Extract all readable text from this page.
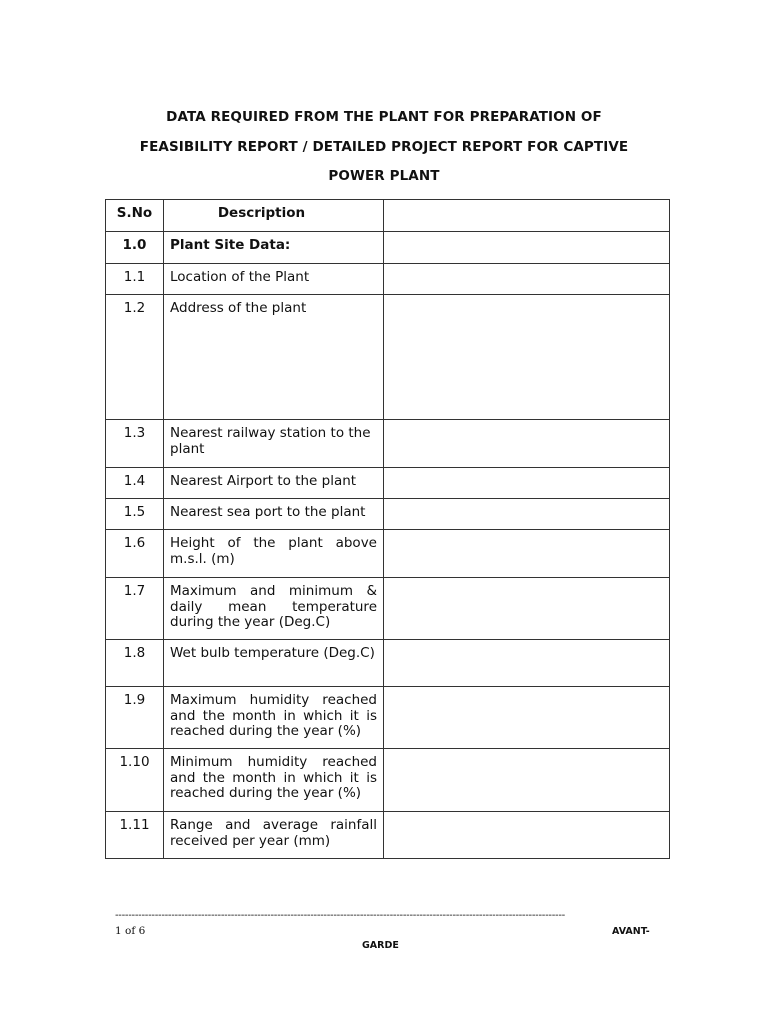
DATA REQUIRED FROM THE PLANT FOR PREPARATION OF
FEASIBILITY REPORT / DETAILED PROJECT REPORT FOR CAPTIVE
POWER PLANT
S.No	Description	
1.0	Plant Site Data:	
1.1	Location of the Plant	
1.2	Address of the plant	
1.3	Nearest railway station to the plant	
1.4	Nearest Airport to the plant	
1.5	Nearest sea port to the plant	
1.6	Height of the plant above m.s.l. (m)	
1.7	Maximum and minimum & daily mean temperature during the year (Deg.C)	
1.8	Wet bulb temperature (Deg.C)	
1.9	Maximum humidity reached and the month in which it is reached during the year (%)	
1.10	Minimum humidity reached and the month in which it is reached during the year (%)	
1.11	Range and average rainfall received per year (mm)	
----------------------------------------------------------------------------------------------------------------------------------------
1 of 6	AVANT-GARDE
